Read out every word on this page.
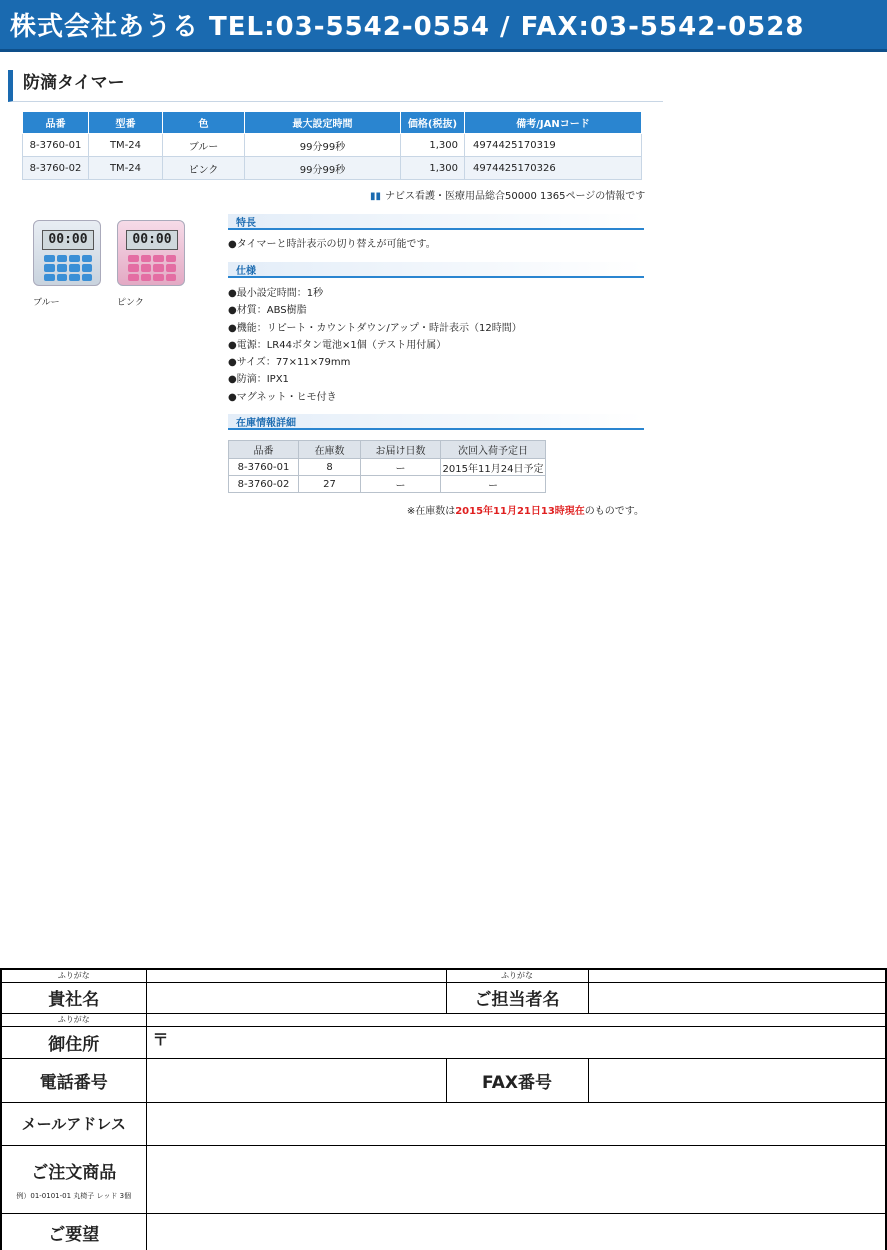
株式会社あうる TEL:03-5542-0554 / FAX:03-5542-0528
防滴タイマー
品番	型番	色	最大設定時間	価格(税抜)	備考/JANコード
8-3760-01	TM-24	ブルー	99分99秒	1,300	4974425170319
8-3760-02	TM-24	ピンク	99分99秒	1,300	4974425170326
▮▮ ナビス看護・医療用品総合50000 1365ページの情報です
00:00	00:00
ブルー	ピンク
特長
●タイマーと時計表示の切り替えが可能です。
仕様
●最小設定時間：1秒
●材質：ABS樹脂
●機能：リピート・カウントダウン/アップ・時計表示（12時間）
●電源：LR44ボタン電池×1個（テスト用付属）
●サイズ：77×11×79mm
●防滴：IPX1
●マグネット・ヒモ付き
在庫情報詳細
品番	在庫数	お届け日数	次回入荷予定日
8-3760-01	8	ー	2015年11月24日予定
8-3760-02	27	ー	ー
※在庫数は2015年11月21日13時現在のものです。
ふりがな		ふりがな	
貴社名		ご担当者名	
ふりがな			
御住所	〒		
電話番号		FAX番号	
メールアドレス			

ご注文商品
例）01-0101-01 丸椅子 レッド 3個			

ご要望			
